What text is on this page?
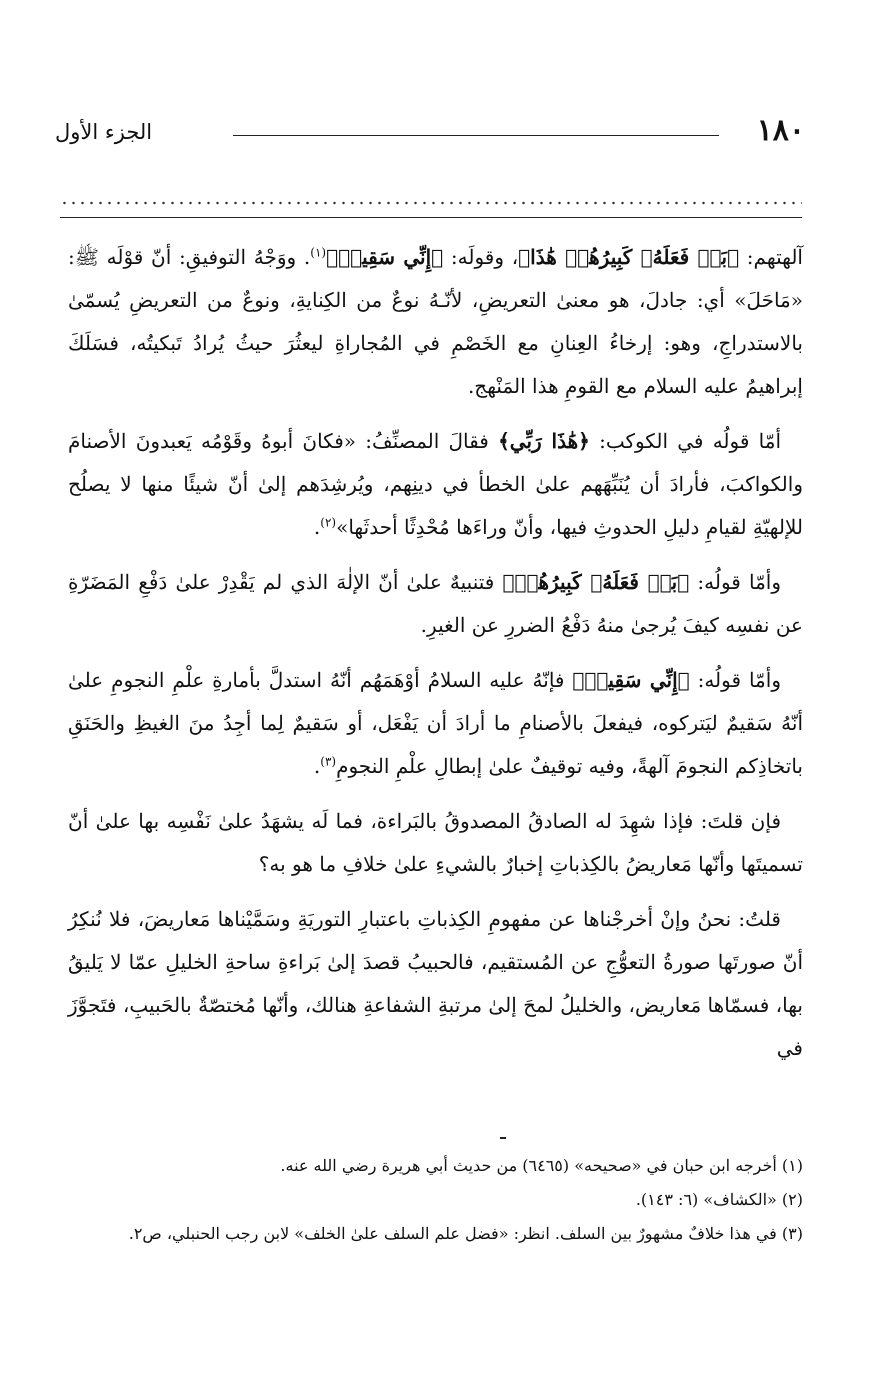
١٨٠
الجزء الأول

آلهتهم: ﴿بَلۡ فَعَلَهُۥ كَبِيرُهُمۡ هَٰذَا﴾، وقولَه: ﴿إِنِّي سَقِيمٞ﴾$^{(١)}$. ووَجْهُ التوفيقِ: أنّ قوْلَه ﷺ: «مَاحَلَ» أي: جادلَ، هو معنىٰ التعريضِ، لأنّـهُ نوعٌ من الكِنايةِ، ونوعٌ من التعريضِ يُسمّىٰ بالاستدراجِ، وهو: إرخاءُ العِنانِ مع الخَصْمِ في المُجاراةِ ليعثُرَ حيثُ يُرادُ تَبكيتُه، فسَلَكَ إبراهيمُ عليه السلام مع القومِ هذا المَنْهج.

أمّا قولُه في الكوكب: ﴿هَٰذَا رَبِّي﴾ فقالَ المصنِّفُ: «فكانَ أبوهُ وقَوْمُه يَعبدونَ الأصنامَ والكواكبَ، فأرادَ أن يُنَبِّهَهم علىٰ الخطأ في دينِهم، ويُرشِدَهم إلىٰ أنّ شيئًا منها لا يصلُح للإلهيّةِ لقيامِ دليلِ الحدوثِ فيها، وأنّ وراءَها مُحْدِثًا أحدثَها»$^{(٢)}$.

وأمّا قولُه: ﴿بَلۡ فَعَلَهُۥ كَبِيرُهُمۡ﴾ فتنبيهٌ علىٰ أنّ الإلٰهَ الذي لم يَقْدِرْ علىٰ دَفْعِ المَضَرّةِ عن نفسِه كيفَ يُرجىٰ منهُ دَفْعُ الضررِ عن الغيرِ.

وأمّا قولُه: ﴿إِنِّي سَقِيمٞ﴾ فإنّهُ عليه السلامُ أوْهَمَهُم أنّهُ استدلَّ بأمارةِ علْمِ النجومِ علىٰ أنّهُ سَقيمٌ ليَتركوه، فيفعلَ بالأصنامِ ما أرادَ أن يَفْعَل، أو سَقيمٌ لِما أجِدُ منَ الغيظِ والحَنَقِ باتخاذِكم النجومَ آلهةً، وفيه توقيفٌ علىٰ إبطالِ علْمِ النجومِ$^{(٣)}$.

فإن قلتَ: فإذا شهِدَ له الصادقُ المصدوقُ بالبَراءة، فما لَه يشهَدُ علىٰ نَفْسِه بها علىٰ أنّ تسميتَها وأنّها مَعاريضُ بالكِذباتِ إخبارٌ بالشيءِ علىٰ خلافِ ما هو به؟

قلتُ: نحنُ وإنْ أخرجْناها عن مفهومِ الكِذباتِ باعتبارِ التوريَةِ وسَمَّيْناها مَعاريضَ، فلا نُنكِرُ أنّ صورتَها صورةُ التعوُّجِ عن المُستقيم، فالحبيبُ قصدَ إلىٰ بَراءةِ ساحةِ الخليلِ عمّا لا يَليقُ بها، فسمّاها مَعاريض، والخليلُ لمحَ إلىٰ مرتبةِ الشفاعةِ هنالك، وأنّها مُختصّةٌ بالحَبيبِ، فتَجوَّزَ في

(١) أخرجه ابن حبان في «صحيحه» (٦٤٦٥) من حديث أبي هريرة رضي الله عنه.

(٢) «الكشاف» (٦: ١٤٣).

(٣) في هذا خلافٌ مشهورٌ بين السلف. انظر: «فضل علم السلف علىٰ الخلف» لابن رجب الحنبلي، ص٢.
